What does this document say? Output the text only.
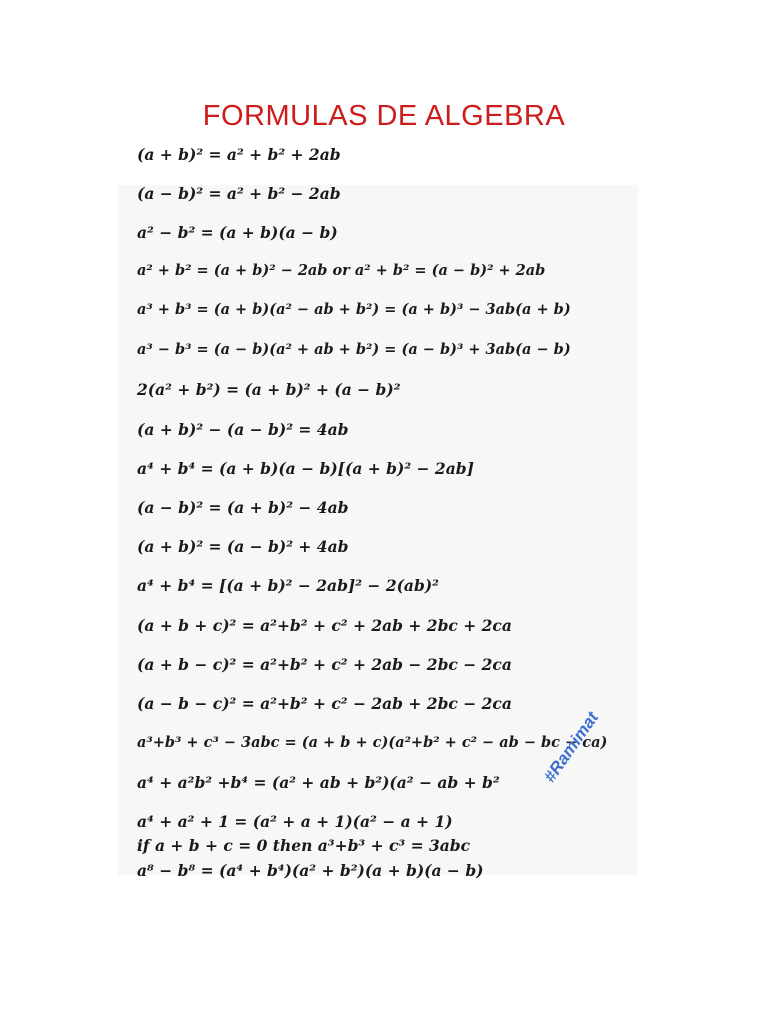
FORMULAS DE ALGEBRA
(a + b)² = a² + b² + 2ab
(a − b)² = a² + b² − 2ab
a² − b² = (a + b)(a − b)
a² + b² = (a + b)² − 2ab or a² + b² = (a − b)² + 2ab
a³ + b³ = (a + b)(a² − ab + b²) = (a + b)³ − 3ab(a + b)
a³ − b³ = (a − b)(a² + ab + b²) = (a − b)³ + 3ab(a − b)
2(a² + b²) = (a + b)² + (a − b)²
(a + b)² − (a − b)² = 4ab
a⁴ + b⁴ = (a + b)(a − b)[(a + b)² − 2ab]
(a − b)² = (a + b)² − 4ab
(a + b)² = (a − b)² + 4ab
a⁴ + b⁴ = [(a + b)² − 2ab]² − 2(ab)²
(a + b + c)² = a²+b² + c² + 2ab + 2bc + 2ca
(a + b − c)² = a²+b² + c² + 2ab − 2bc − 2ca
(a − b − c)² = a²+b² + c² − 2ab + 2bc − 2ca
a³+b³ + c³ − 3abc = (a + b + c)(a²+b² + c² − ab − bc − ca)
a⁴ + a²b² +b⁴ = (a² + ab + b²)(a² − ab + b²
a⁴ + a² + 1 = (a² + a + 1)(a² − a + 1)
if a + b + c = 0 then a³+b³ + c³ = 3abc
a⁸ − b⁸ = (a⁴ + b⁴)(a² + b²)(a + b)(a − b)
#Ramimat
